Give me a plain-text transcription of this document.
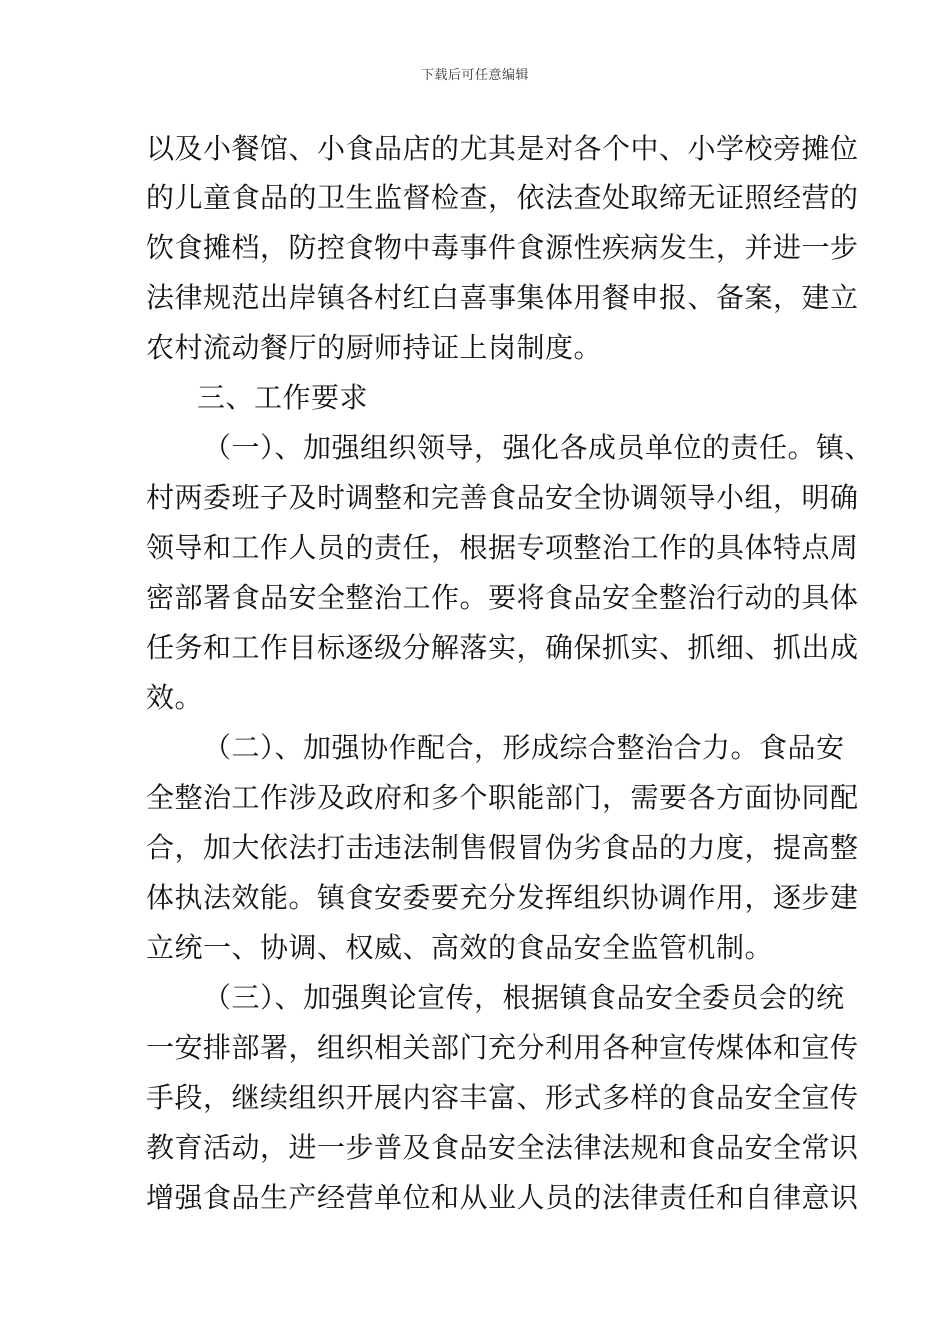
下载后可任意编辑
以及小餐馆、小食品店的尤其是对各个中、小学校旁摊位
的儿童食品的卫生监督检查，依法查处取缔无证照经营的
饮食摊档，防控食物中毒事件食源性疾病发生，并进一步
法律规范出岸镇各村红白喜事集体用餐申报、备案，建立
农村流动餐厅的厨师持证上岗制度。
三、工作要求
（一）、加强组织领导，强化各成员单位的责任。镇、
村两委班子及时调整和完善食品安全协调领导小组，明确
领导和工作人员的责任，根据专项整治工作的具体特点周
密部署食品安全整治工作。要将食品安全整治行动的具体
任务和工作目标逐级分解落实，确保抓实、抓细、抓出成
效。
（二）、加强协作配合，形成综合整治合力。食品安
全整治工作涉及政府和多个职能部门，需要各方面协同配
合，加大依法打击违法制售假冒伪劣食品的力度，提高整
体执法效能。镇食安委要充分发挥组织协调作用，逐步建
立统一、协调、权威、高效的食品安全监管机制。
（三）、加强舆论宣传，根据镇食品安全委员会的统
一安排部署，组织相关部门充分利用各种宣传煤体和宣传
手段，继续组织开展内容丰富、形式多样的食品安全宣传
教育活动，进一步普及食品安全法律法规和食品安全常识
增强食品生产经营单位和从业人员的法律责任和自律意识
